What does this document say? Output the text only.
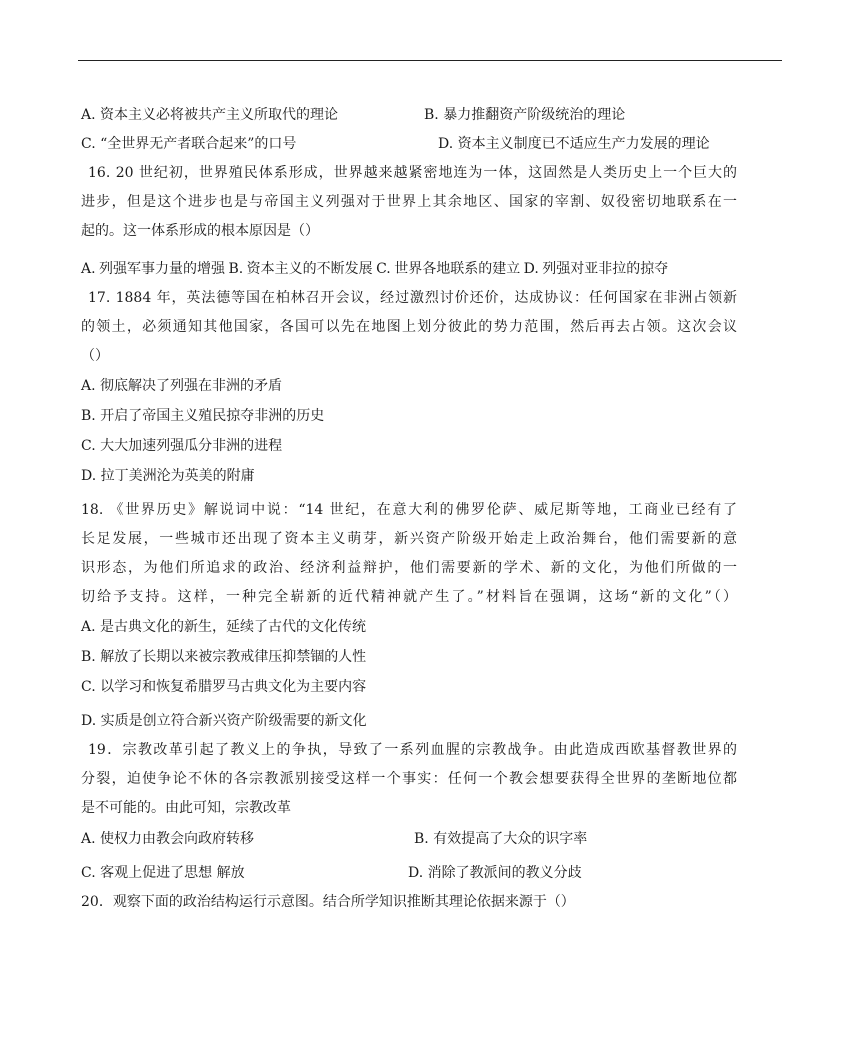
A. 资本主义必将被共产主义所取代的理论	B. 暴力推翻资产阶级统治的理论
C. “全世界无产者联合起来”的口号	D. 资本主义制度已不适应生产力发展的理论
16. 20 世纪初，世界殖民体系形成，世界越来越紧密地连为一体，这固然是人类历史上一个巨大的
进步，但是这个进步也是与帝国主义列强对于世界上其余地区、国家的宰割、奴役密切地联系在一
起的。这一体系形成的根本原因是（）
A. 列强军事力量的增强 B. 资本主义的不断发展 C. 世界各地联系的建立 D. 列强对亚非拉的掠夺
17. 1884 年，英法德等国在柏林召开会议，经过激烈讨价还价，达成协议：任何国家在非洲占领新
的领土，必须通知其他国家，各国可以先在地图上划分彼此的势力范围，然后再去占领。这次会议
（）
A. 彻底解决了列强在非洲的矛盾
B. 开启了帝国主义殖民掠夺非洲的历史
C. 大大加速列强瓜分非洲的进程
D. 拉丁美洲沦为英美的附庸
18. 《世界历史》解说词中说：“14 世纪，在意大利的佛罗伦萨、威尼斯等地，工商业已经有了
长足发展，一些城市还出现了资本主义萌芽，新兴资产阶级开始走上政治舞台，他们需要新的意
识形态，为他们所追求的政治、经济利益辩护，他们需要新的学术、新的文化，为他们所做的一
切给予支持。这样，一种完全崭新的近代精神就产生了。”材料旨在强调，这场“新的文化”（）
A. 是古典文化的新生，延续了古代的文化传统
B. 解放了长期以来被宗教戒律压抑禁锢的人性
C. 以学习和恢复希腊罗马古典文化为主要内容
D. 实质是创立符合新兴资产阶级需要的新文化
19．宗教改革引起了教义上的争执，导致了一系列血腥的宗教战争。由此造成西欧基督教世界的
分裂，迫使争论不休的各宗教派别接受这样一个事实：任何一个教会想要获得全世界的垄断地位都
是不可能的。由此可知，宗教改革
A. 使权力由教会向政府转移	B. 有效提高了大众的识字率
C. 客观上促进了思想 解放	D. 消除了教派间的教义分歧
20．观察下面的政治结构运行示意图。结合所学知识推断其理论依据来源于（）
